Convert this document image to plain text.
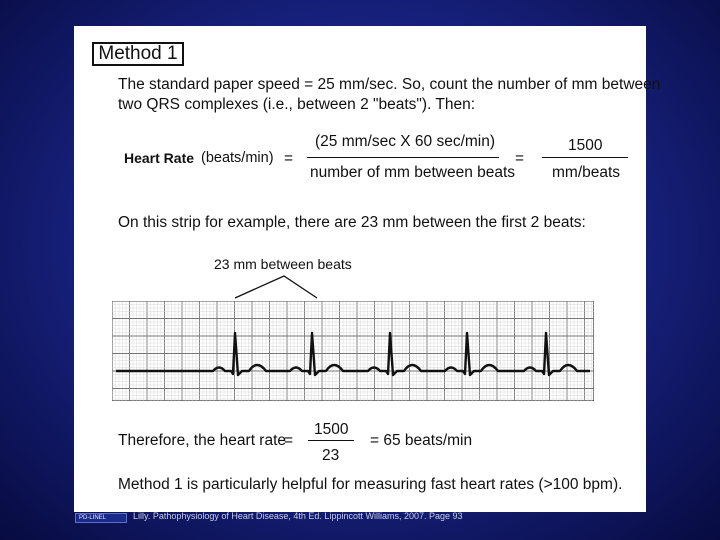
Method 1
The standard paper speed = 25 mm/sec. So, count the number of mm between
two QRS complexes (i.e., between 2 "beats"). Then:
Heart Rate (beats/min) =
(25 mm/sec X 60 sec/min)
number of mm between beats
=
1500
mm/beats
On this strip for example, there are 23 mm between the first 2 beats:
23 mm between beats
Therefore, the heart rate
=
1500
23
= 65 beats/min
Method 1 is particularly helpful for measuring fast heart rates (>100 bpm).
PD-LINEL	Lilly. Pathophysiology of Heart Disease, 4th Ed. Lippincott Williams, 2007. Page 93
